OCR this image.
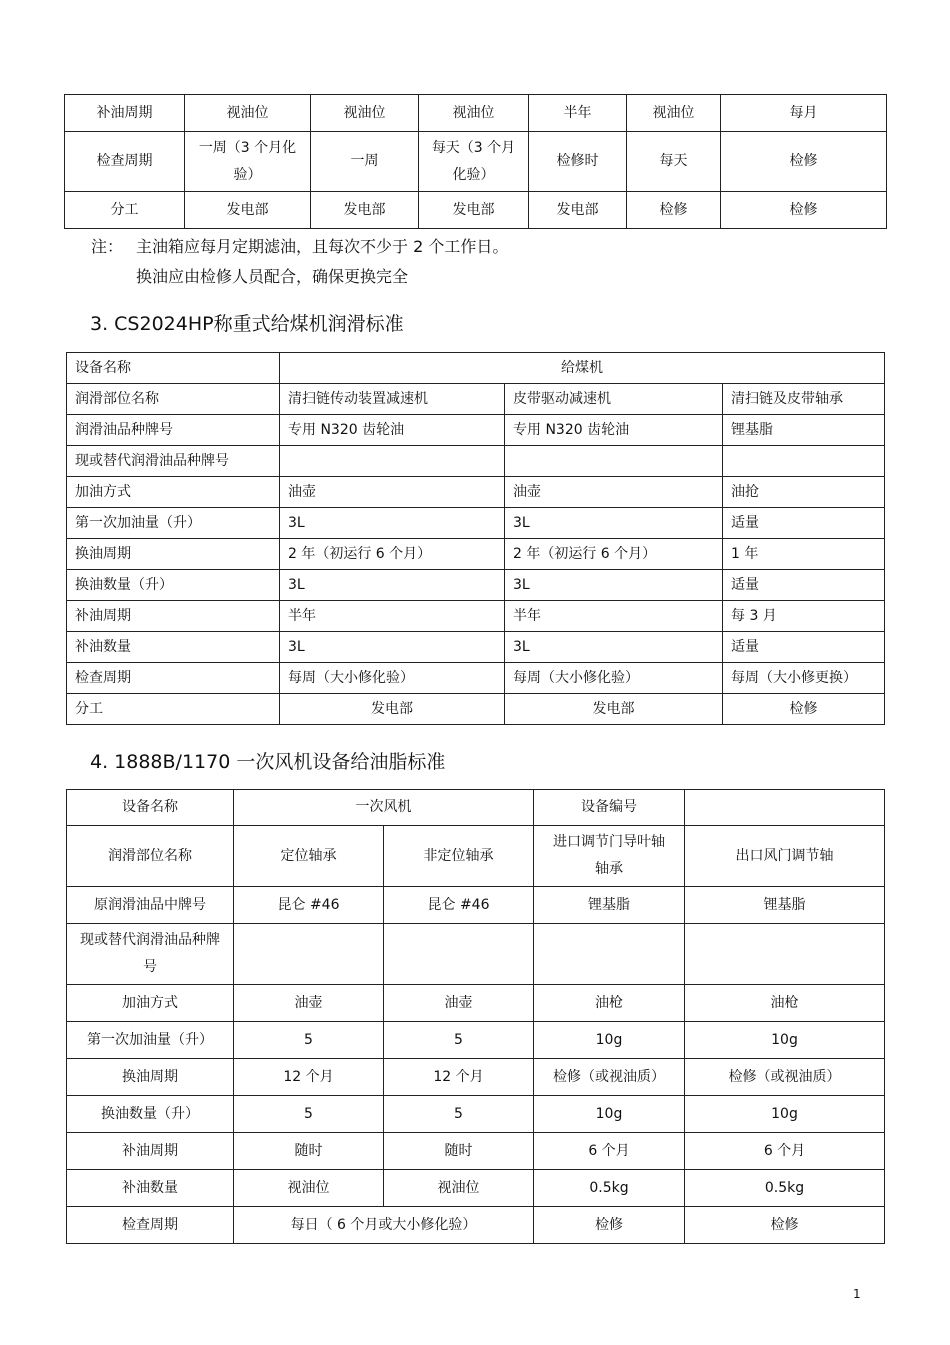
补油周期	视油位	视油位	视油位	半年	视油位	每月
检查周期	一周（3 个月化验）	一周	每天（3 个月化验）	检修时	每天	检修
分工	发电部	发电部	发电部	发电部	检修	检修
注： 主油箱应每月定期滤油，且每次不少于 2 个工作日。
换油应由检修人员配合，确保更换完全
3. CS2024HP称重式给煤机润滑标准
设备名称	给煤机		
润滑部位名称	清扫链传动装置减速机	皮带驱动减速机	清扫链及皮带轴承
润滑油品种牌号	专用 N320 齿轮油	专用 N320 齿轮油	锂基脂
现或替代润滑油品种牌号			
加油方式	油壶	油壶	油抢
第一次加油量（升）	3L	3L	适量
换油周期	2 年（初运行 6 个月）	2 年（初运行 6 个月）	1 年
换油数量（升）	3L	3L	适量
补油周期	半年	半年	每 3 月
补油数量	3L	3L	适量
检查周期	每周（大小修化验）	每周（大小修化验）	每周（大小修更换）
分工	发电部	发电部	检修
4. 1888B/1170 一次风机设备给油脂标准
设备名称	一次风机		设备编号	
润滑部位名称	定位轴承	非定位轴承	进口调节门导叶轴轴承	出口风门调节轴
原润滑油品中牌号	昆仑 #46	昆仑 #46	锂基脂	锂基脂
现或替代润滑油品种牌号				
加油方式	油壶	油壶	油枪	油枪
第一次加油量（升）	5	5	10g	10g
换油周期	12 个月	12 个月	检修（或视油质）	检修（或视油质）
换油数量（升）	5	5	10g	10g
补油周期	随时	随时	6 个月	6 个月
补油数量	视油位	视油位	0.5kg	0.5kg
检查周期	每日（ 6 个月或大小修化验）		检修	检修
1
